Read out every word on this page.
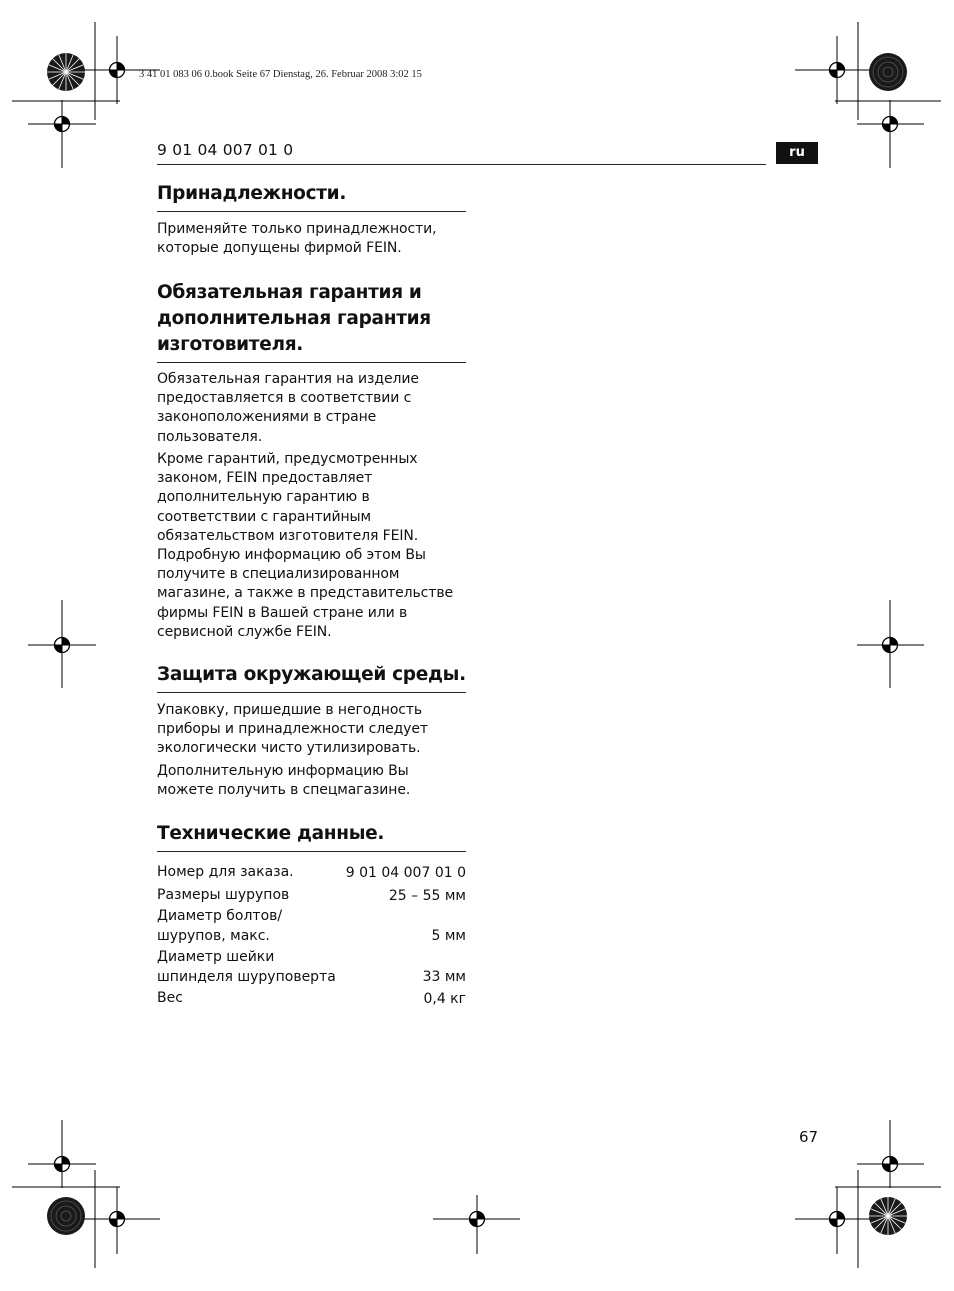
3 41 01 083 06 0.book Seite 67 Dienstag, 26. Februar 2008 3:02 15
9 01 04 007 01 0	ru
Принадлежности.
Применяйте только принадлежности, которые допущены фирмой FEIN.
Обязательная гарантия и дополнительная гарантия изготовителя.
Обязательная гарантия на изделие предоставляется в соответствии с законоположениями в стране пользователя.
Кроме гарантий, предусмотренных законом, FEIN предоставляет дополнительную гарантию в соответствии с гарантийным обязательством изготовителя FEIN. Подробную информацию об этом Вы получите в специализированном магазине, а также в представительстве фирмы FEIN в Вашей стране или в сервисной службе FEIN.
Защита окружающей среды.
Упаковку, пришедшие в негодность приборы и принадлежности следует экологически чисто утилизировать.
Дополнительную информацию Вы можете получить в спецмагазине.
Технические данные.
Номер для заказа.	9 01 04 007 01 0
Размеры шурупов	25 – 55 мм
Диаметр болтов/ шурупов, макс.	5 мм
Диаметр шейки шпинделя шуруповерта	33 мм
Вес	0,4 кг
67
